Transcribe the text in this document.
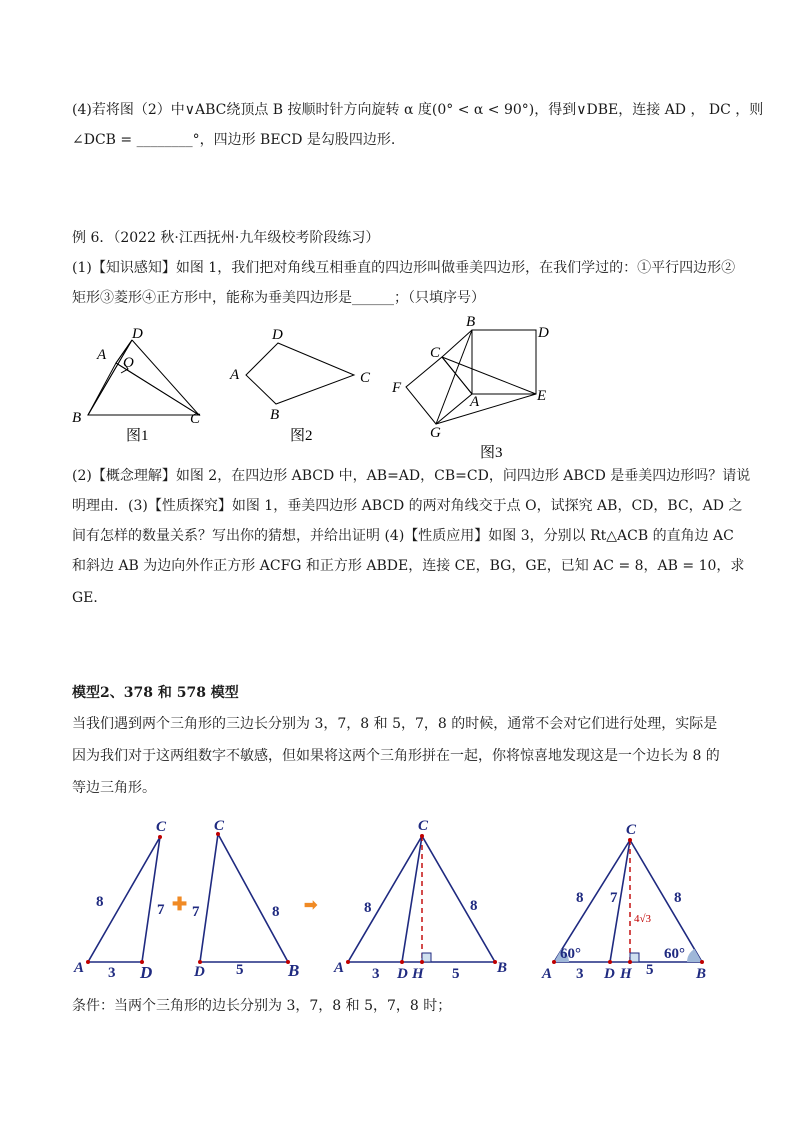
(4)若将图（2）中∨ABC绕顶点 B 按顺时针方向旋转 α 度(0° < α < 90°)，得到∨DBE，连接 AD ， DC ，则
∠DCB = ________°，四边形 BECD 是勾股四边形.
例 6．（2022 秋·江西抚州·九年级校考阶段练习）
(1)【知识感知】如图 1，我们把对角线互相垂直的四边形叫做垂美四边形，在我们学过的：①平行四边形②
矩形③菱形④正方形中，能称为垂美四边形是______；（只填序号）
D
A O
B	C
图1
D
A	C
B
图2
B
D
C
F
A	E
G
图3
(2)【概念理解】如图 2，在四边形 ABCD 中，AB=AD，CB=CD，问四边形 ABCD 是垂美四边形吗？请说
明理由．(3)【性质探究】如图 1，垂美四边形 ABCD 的两对角线交于点 O，试探究 AB，CD，BC，AD 之
间有怎样的数量关系？写出你的猜想，并给出证明 (4)【性质应用】如图 3，分别以 Rt△ACB 的直角边 AC
和斜边 AB 为边向外作正方形 ACFG 和正方形 ABDE，连接 CE，BG，GE，已知 AC = 8，AB = 10，求
GE．
模型2、378 和 578 模型
当我们遇到两个三角形的三边长分别为 3，7，8 和 5，7，8 的时候，通常不会对它们进行处理，实际是
因为我们对于这两组数字不敏感，但如果将这两个三角形拼在一起，你将惊喜地发现这是一个边长为 8 的
等边三角形。
C
A	D
8	7
3
✚
C
D	B
7	8
5
➡
C
A	D H	B
8	8
3	5
C
A	D H	B
8 7	8
4√3
3	5
60°	60°
条件：当两个三角形的边长分别为 3，7，8 和 5，7，8 时；
